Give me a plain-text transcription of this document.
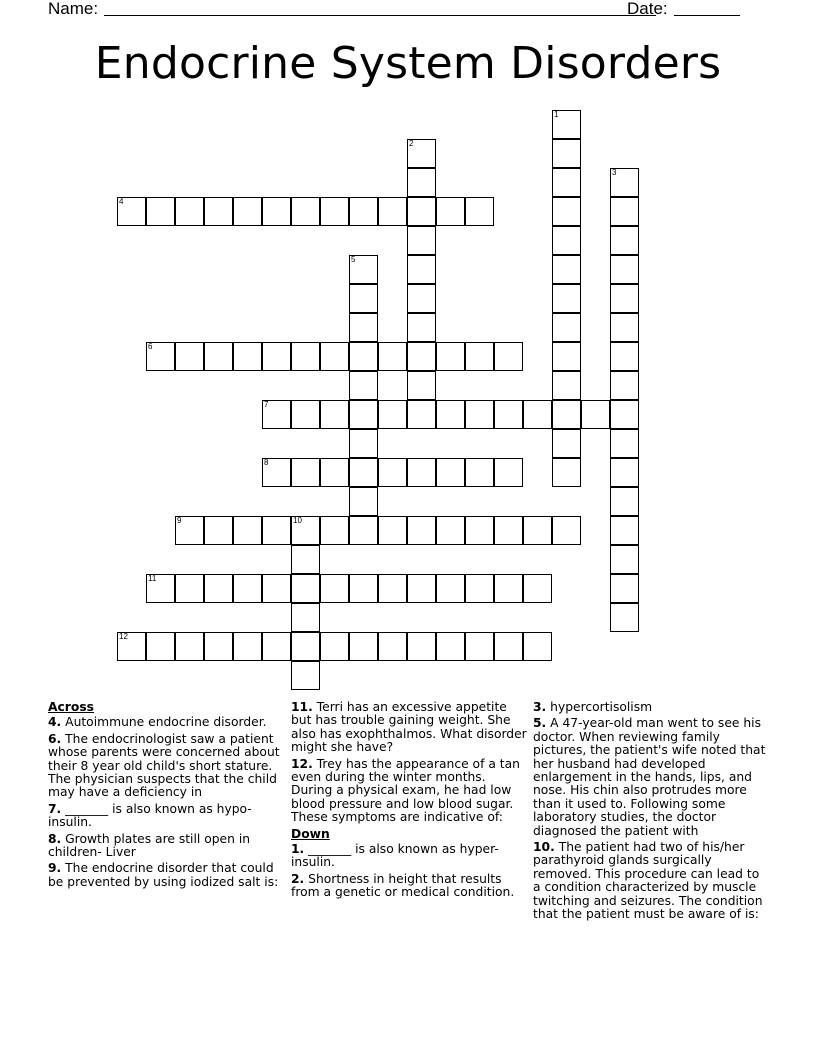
Name:	Date:
Endocrine System Disorders
1
2
3
4
5
6
7
8
9	10
11
12
Across
4. Autoimmune endocrine disorder.
6. The endocrinologist saw a patient whose parents were concerned about their 8 year old child's short stature. The physician suspects that the child may have a deficiency in
7. _______ is also known as hypo-insulin.
8. Growth plates are still open in children- Liver
9. The endocrine disorder that could be prevented by using iodized salt is:
11. Terri has an excessive appetite but has trouble gaining weight. She also has exophthalmos. What disorder might she have?
12. Trey has the appearance of a tan even during the winter months. During a physical exam, he had low blood pressure and low blood sugar. These symptoms are indicative of:
Down
1. _______ is also known as hyper-insulin.
2. Shortness in height that results from a genetic or medical condition.
3. hypercortisolism
5. A 47-year-old man went to see his doctor. When reviewing family pictures, the patient's wife noted that her husband had developed enlargement in the hands, lips, and nose. His chin also protrudes more than it used to. Following some laboratory studies, the doctor diagnosed the patient with
10. The patient had two of his/her parathyroid glands surgically removed. This procedure can lead to a condition characterized by muscle twitching and seizures. The condition that the patient must be aware of is:
